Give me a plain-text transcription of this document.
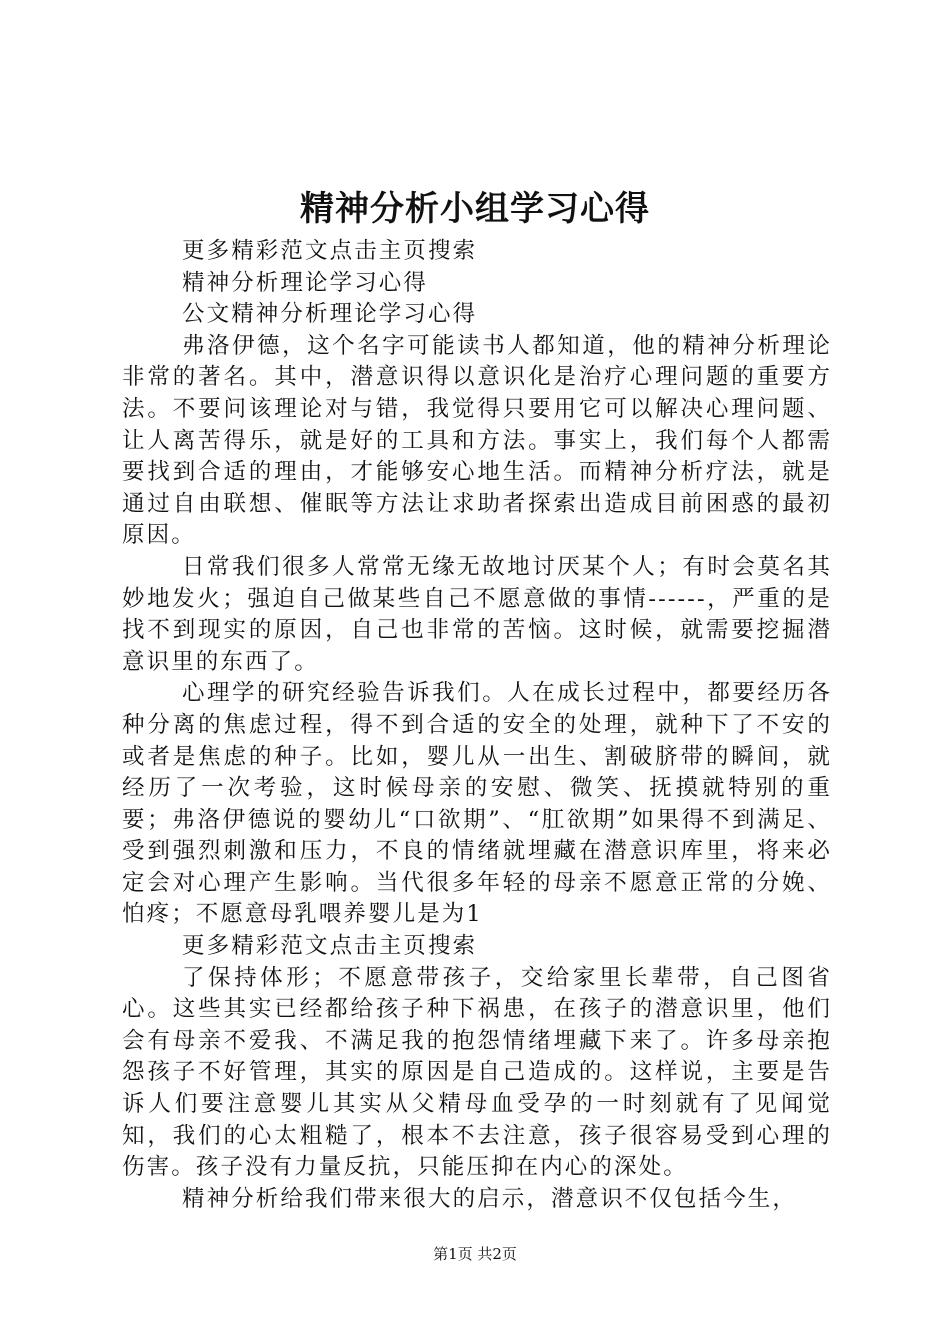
精神分析小组学习心得

更多精彩范文点击主页搜索

精神分析理论学习心得

公文精神分析理论学习心得

弗洛伊德，这个名字可能读书人都知道，他的精神分析理论非常的著名。其中，潜意识得以意识化是治疗心理问题的重要方法。不要问该理论对与错，我觉得只要用它可以解决心理问题、让人离苦得乐，就是好的工具和方法。事实上，我们每个人都需要找到合适的理由，才能够安心地生活。而精神分析疗法，就是通过自由联想、催眠等方法让求助者探索出造成目前困惑的最初原因。

日常我们很多人常常无缘无故地讨厌某个人；有时会莫名其妙地发火；强迫自己做某些自己不愿意做的事情------，严重的是找不到现实的原因，自己也非常的苦恼。这时候，就需要挖掘潜意识里的东西了。

心理学的研究经验告诉我们。人在成长过程中，都要经历各种分离的焦虑过程，得不到合适的安全的处理，就种下了不安的或者是焦虑的种子。比如，婴儿从一出生、割破脐带的瞬间，就经历了一次考验，这时候母亲的安慰、微笑、抚摸就特别的重要；弗洛伊德说的婴幼儿“口欲期”、“肛欲期”如果得不到满足、受到强烈刺激和压力，不良的情绪就埋藏在潜意识库里，将来必定会对心理产生影响。当代很多年轻的母亲不愿意正常的分娩、怕疼；不愿意母乳喂养婴儿是为1

更多精彩范文点击主页搜索

了保持体形；不愿意带孩子，交给家里长辈带，自己图省心。这些其实已经都给孩子种下祸患，在孩子的潜意识里，他们会有母亲不爱我、不满足我的抱怨情绪埋藏下来了。许多母亲抱怨孩子不好管理，其实的原因是自己造成的。这样说，主要是告诉人们要注意婴儿其实从父精母血受孕的一时刻就有了见闻觉知，我们的心太粗糙了，根本不去注意，孩子很容易受到心理的伤害。孩子没有力量反抗，只能压抑在内心的深处。

精神分析给我们带来很大的启示，潜意识不仅包括今生，

第1页 共2页
